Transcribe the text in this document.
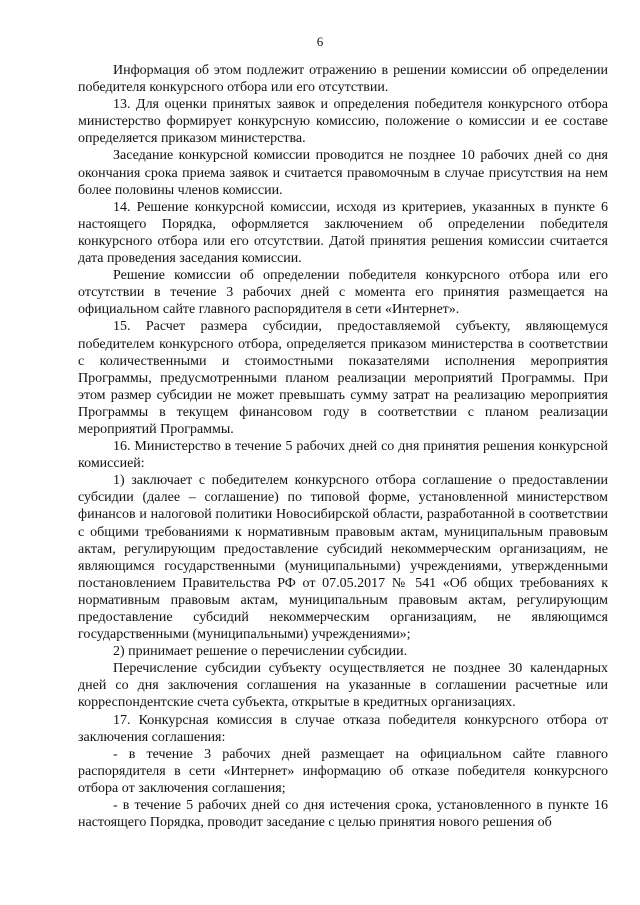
6

Информация об этом подлежит отражению в решении комиссии об определении победителя конкурсного отбора или его отсутствии.

13. Для оценки принятых заявок и определения победителя конкурсного отбора министерство формирует конкурсную комиссию, положение о комиссии и ее составе определяется приказом министерства.

Заседание конкурсной комиссии проводится не позднее 10 рабочих дней со дня окончания срока приема заявок и считается правомочным в случае присутствия на нем более половины членов комиссии.

14. Решение конкурсной комиссии, исходя из критериев, указанных в пункте 6 настоящего Порядка, оформляется заключением об определении победителя конкурсного отбора или его отсутствии. Датой принятия решения комиссии считается дата проведения заседания комиссии.

Решение комиссии об определении победителя конкурсного отбора или его отсутствии в течение 3 рабочих дней с момента его принятия размещается на официальном сайте главного распорядителя в сети «Интернет».

15. Расчет размера субсидии, предоставляемой субъекту, являющемуся победителем конкурсного отбора, определяется приказом министерства в соответствии с количественными и стоимостными показателями исполнения мероприятия Программы, предусмотренными планом реализации мероприятий Программы. При этом размер субсидии не может превышать сумму затрат на реализацию мероприятия Программы в текущем финансовом году в соответствии с планом реализации мероприятий Программы.

16. Министерство в течение 5 рабочих дней со дня принятия решения конкурсной комиссией:

1) заключает с победителем конкурсного отбора соглашение о предоставлении субсидии (далее – соглашение) по типовой форме, установленной министерством финансов и налоговой политики Новосибирской области, разработанной в соответствии с общими требованиями к нормативным правовым актам, муниципальным правовым актам, регулирующим предоставление субсидий некоммерческим организациям, не являющимся государственными (муниципальными) учреждениями, утвержденными постановлением Правительства РФ от 07.05.2017 № 541 «Об общих требованиях к нормативным правовым актам, муниципальным правовым актам, регулирующим предоставление субсидий некоммерческим организациям, не являющимся государственными (муниципальными) учреждениями»;

2) принимает решение о перечислении субсидии.

Перечисление субсидии субъекту осуществляется не позднее 30 календарных дней со дня заключения соглашения на указанные в соглашении расчетные или корреспондентские счета субъекта, открытые в кредитных организациях.

17. Конкурсная комиссия в случае отказа победителя конкурсного отбора от заключения соглашения:

- в течение 3 рабочих дней размещает на официальном сайте главного распорядителя в сети «Интернет» информацию об отказе победителя конкурсного отбора от заключения соглашения;

- в течение 5 рабочих дней со дня истечения срока, установленного в пункте 16 настоящего Порядка, проводит заседание с целью принятия нового решения об
